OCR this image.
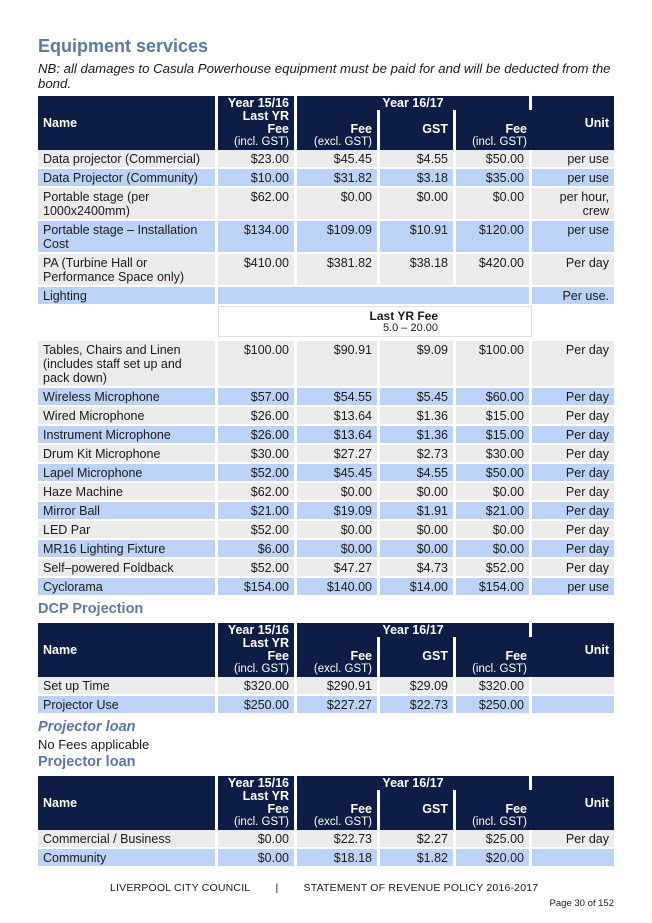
Equipment services
NB: all damages to Casula Powerhouse equipment must be paid for and will be deducted from the bond.
Name	Year 15/16	Year 16/17			Unit
	Last YR Fee	Fee	GST	Fee	
	(incl. GST)	(excl. GST)		(incl. GST)	
Data projector (Commercial)	$23.00	$45.45	$4.55	$50.00	per use
Data Projector (Community)	$10.00	$31.82	$3.18	$35.00	per use
Portable stage (per 1000x2400mm)	$62.00	$0.00	$0.00	$0.00	per hour, crew
Portable stage – Installation Cost	$134.00	$109.09	$10.91	$120.00	per use
PA (Turbine Hall or Performance Space only)	$410.00	$381.82	$38.18	$420.00	Per day
Lighting					Per use.

	Last YR Fee
5.0 – 20.00				

Tables, Chairs and Linen (includes staff set up and pack down)	$100.00	$90.91	$9.09	$100.00	Per day
Wireless Microphone	$57.00	$54.55	$5.45	$60.00	Per day
Wired Microphone	$26.00	$13.64	$1.36	$15.00	Per day
Instrument Microphone	$26.00	$13.64	$1.36	$15.00	Per day
Drum Kit Microphone	$30.00	$27.27	$2.73	$30.00	Per day
Lapel Microphone	$52.00	$45.45	$4.55	$50.00	Per day
Haze Machine	$62.00	$0.00	$0.00	$0.00	Per day
Mirror Ball	$21.00	$19.09	$1.91	$21.00	Per day
LED Par	$52.00	$0.00	$0.00	$0.00	Per day
MR16 Lighting Fixture	$6.00	$0.00	$0.00	$0.00	Per day
Self–powered Foldback	$52.00	$47.27	$4.73	$52.00	Per day
Cyclorama	$154.00	$140.00	$14.00	$154.00	per use
DCP Projection
Name	Year 15/16	Year 16/17			Unit
	Last YR Fee	Fee	GST	Fee	
	(incl. GST)	(excl. GST)		(incl. GST)	
Set up Time	$320.00	$290.91	$29.09	$320.00	
Projector Use	$250.00	$227.27	$22.73	$250.00	
Projector loan
No Fees applicable
Projector loan
Name	Year 15/16	Year 16/17			Unit
	Last YR Fee	Fee	GST	Fee	
	(incl. GST)	(excl. GST)		(incl. GST)	
Commercial / Business	$0.00	$22.73	$2.27	$25.00	Per day
Community	$0.00	$18.18	$1.82	$20.00	
LIVERPOOL CITY COUNCIL | STATEMENT OF REVENUE POLICY 2016-2017
Page 30 of 152
